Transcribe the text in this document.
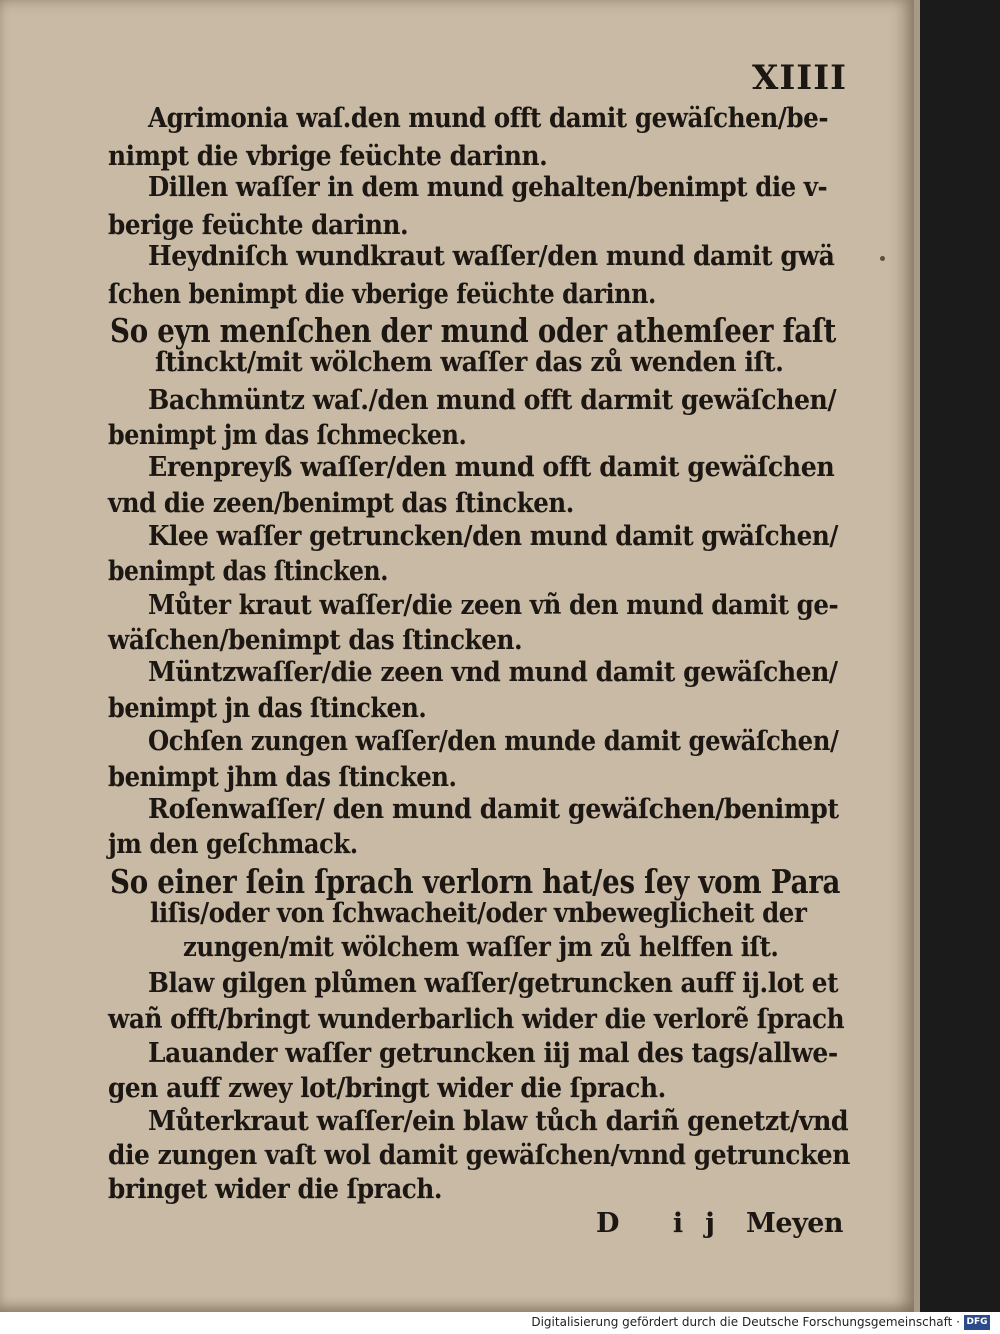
XIIII
Agrimonia waſ.den mund offt damit gewäſchen/be-
nimpt die vbrige feüchte darinn.
Dillen waſſer in dem mund gehalten/benimpt die v-
berige feüchte darinn.
Heydniſch wundkraut waſſer/den mund damit gwä
ſchen benimpt die vberige feüchte darinn.
So eyn menſchen der mund oder athemſeer faſt
ſtinckt/mit wölchem waſſer das zů wenden iſt.
Bachmüntz waſ./den mund offt darmit gewäſchen/
benimpt jm das ſchmecken.
Erenpreyß waſſer/den mund offt damit gewäſchen
vnd die zeen/benimpt das ſtincken.
Klee waſſer getruncken/den mund damit gwäſchen/
benimpt das ſtincken.
Můter kraut waſſer/die zeen vñ den mund damit ge-
wäſchen/benimpt das ſtincken.
Müntzwaſſer/die zeen vnd mund damit gewäſchen/
benimpt jn das ſtincken.
Ochſen zungen waſſer/den munde damit gewäſchen/
benimpt jhm das ſtincken.
Roſenwaſſer/ den mund damit gewäſchen/benimpt
jm den geſchmack.
So einer ſein ſprach verlorn hat/es ſey vom Para
liſis/oder von ſchwacheit/oder vnbeweglicheit der
zungen/mit wölchem waſſer jm zů helffen iſt.
Blaw gilgen plůmen waſſer/getruncken auff ij.lot et
wañ offt/bringt wunderbarlich wider die verlorẽ ſprach
Lauander waſſer getruncken iij mal des tags/allwe-
gen auff zwey lot/bringt wider die ſprach.
Můterkraut waſſer/ein blaw tůch dariñ genetzt/vnd
die zungen vaſt wol damit gewäſchen/vnnd getruncken
bringet wider die ſprach.
D ij Meyen
Digitalisierung gefördert durch die Deutsche Forschungsgemeinschaft · DFG
